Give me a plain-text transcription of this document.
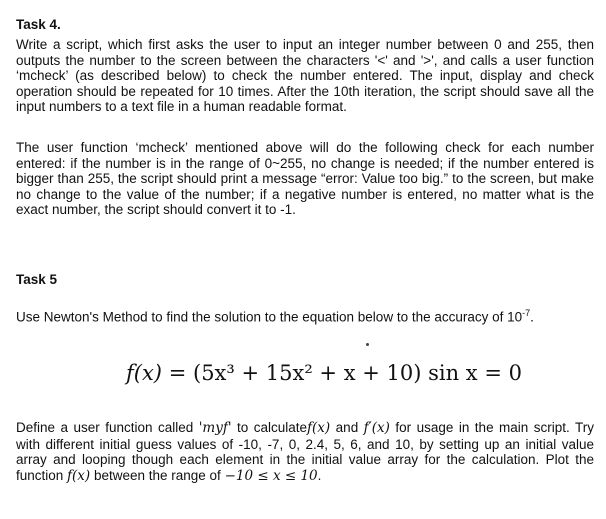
Task 4.

Write a script, which first asks the user to input an integer number between 0 and 255, then outputs the number to the screen between the characters '<' and '>', and calls a user function ‘mcheck’ (as described below) to check the number entered. The input, display and check operation should be repeated for 10 times. After the 10th iteration, the script should save all the input numbers to a text file in a human readable format.

The user function ‘mcheck’ mentioned above will do the following check for each number entered: if the number is in the range of 0~255, no change is needed; if the number entered is bigger than 255, the script should print a message “error: Value too big.” to the screen, but make no change to the value of the number; if a negative number is entered, no matter what is the exact number, the script should convert it to -1.

Task 5

Use Newton's Method to find the solution to the equation below to the accuracy of $10^{-7}$.

Define a user function called 'myf' to calculatef(x) and f′(x) for usage in the main script. Try with different initial guess values of -10, -7, 0, 2.4, 5, 6, and 10, by setting up an initial value array and looping though each element in the initial value array for the calculation. Plot the function f(x) between the range of −10 ≤ x ≤ 10.

f(x) = (5x³ + 15x² + x + 10) sin x = 0
